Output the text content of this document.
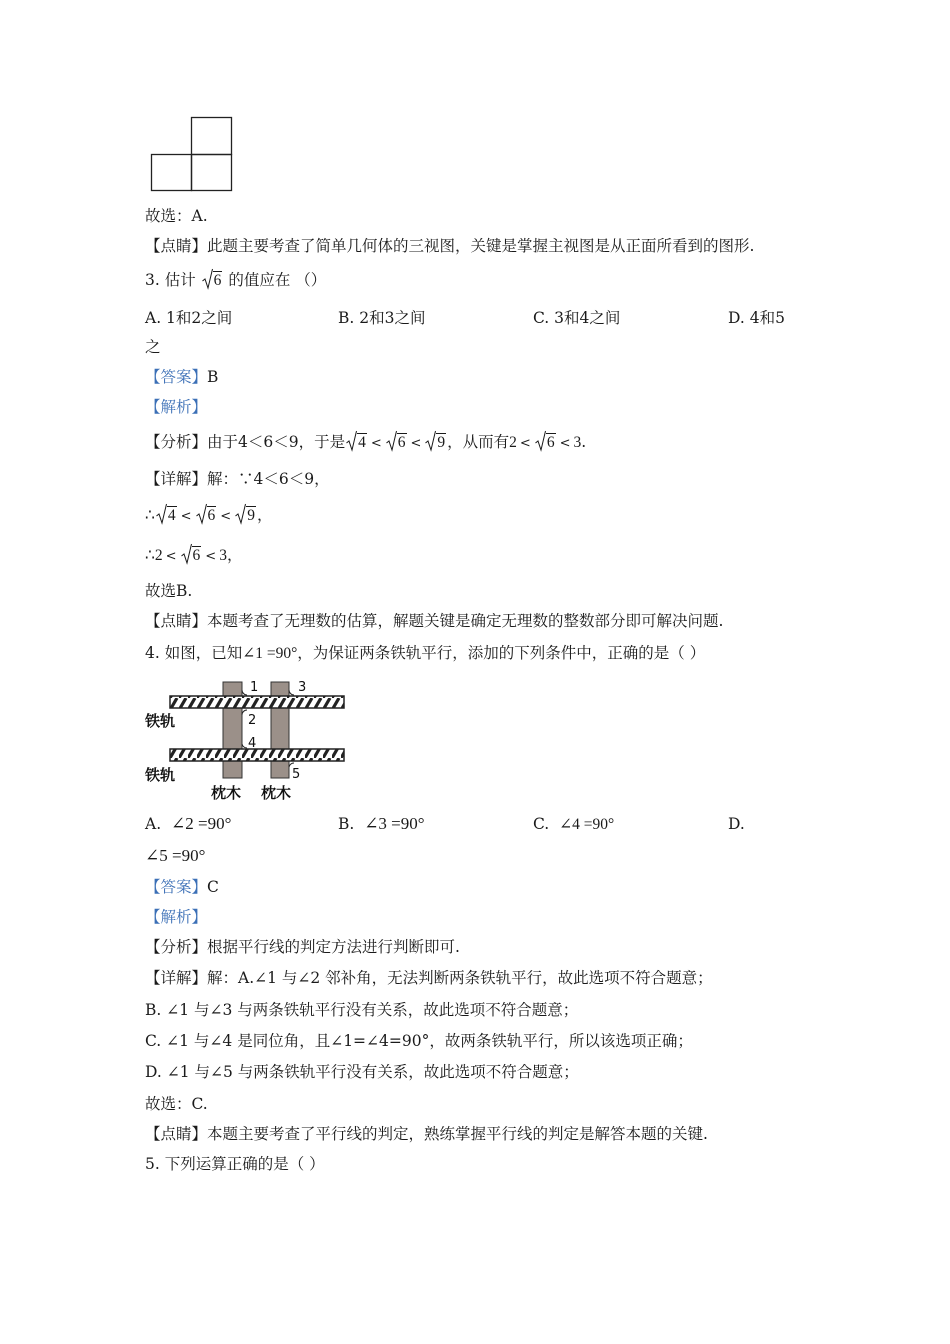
故选：A.
【点睛】此题主要考查了简单几何体的三视图，关键是掌握主视图是从正面所看到的图形.
3. 估计 6 的值应在 （）
A. 1和2之间	B. 2和3之间	C. 3和4之间	D. 4和5
之
【答案】B
【解析】
【分析】由于4＜6＜9，于是 4 < 6 < 9 ，从而有2 < 6 < 3.
【详解】解：∵4＜6＜9，
∴ 4 < 6 < 9 ，
∴2 < 6 < 3，
故选B.
【点睛】本题考查了无理数的估算，解题关键是确定无理数的整数部分即可解决问题.
4. 如图，已知∠1 =90°，为保证两条铁轨平行，添加的下列条件中，正确的是（ ）
1	3
2
4
5
铁轨
铁轨
枕木 枕木
A. ∠2 =90°	B. ∠3 =90°	C. ∠4 =90°	D.
∠5 =90°
【答案】C
【解析】
【分析】根据平行线的判定方法进行判断即可.
【详解】解：A.∠1 与∠2 邻补角，无法判断两条铁轨平行，故此选项不符合题意；
B. ∠1 与∠3 与两条铁轨平行没有关系，故此选项不符合题意；
C. ∠1 与∠4 是同位角，且∠1=∠4=90°，故两条铁轨平行，所以该选项正确；
D. ∠1 与∠5 与两条铁轨平行没有关系，故此选项不符合题意；
故选：C.
【点睛】本题主要考查了平行线的判定，熟练掌握平行线的判定是解答本题的关键.
5. 下列运算正确的是（ ）
